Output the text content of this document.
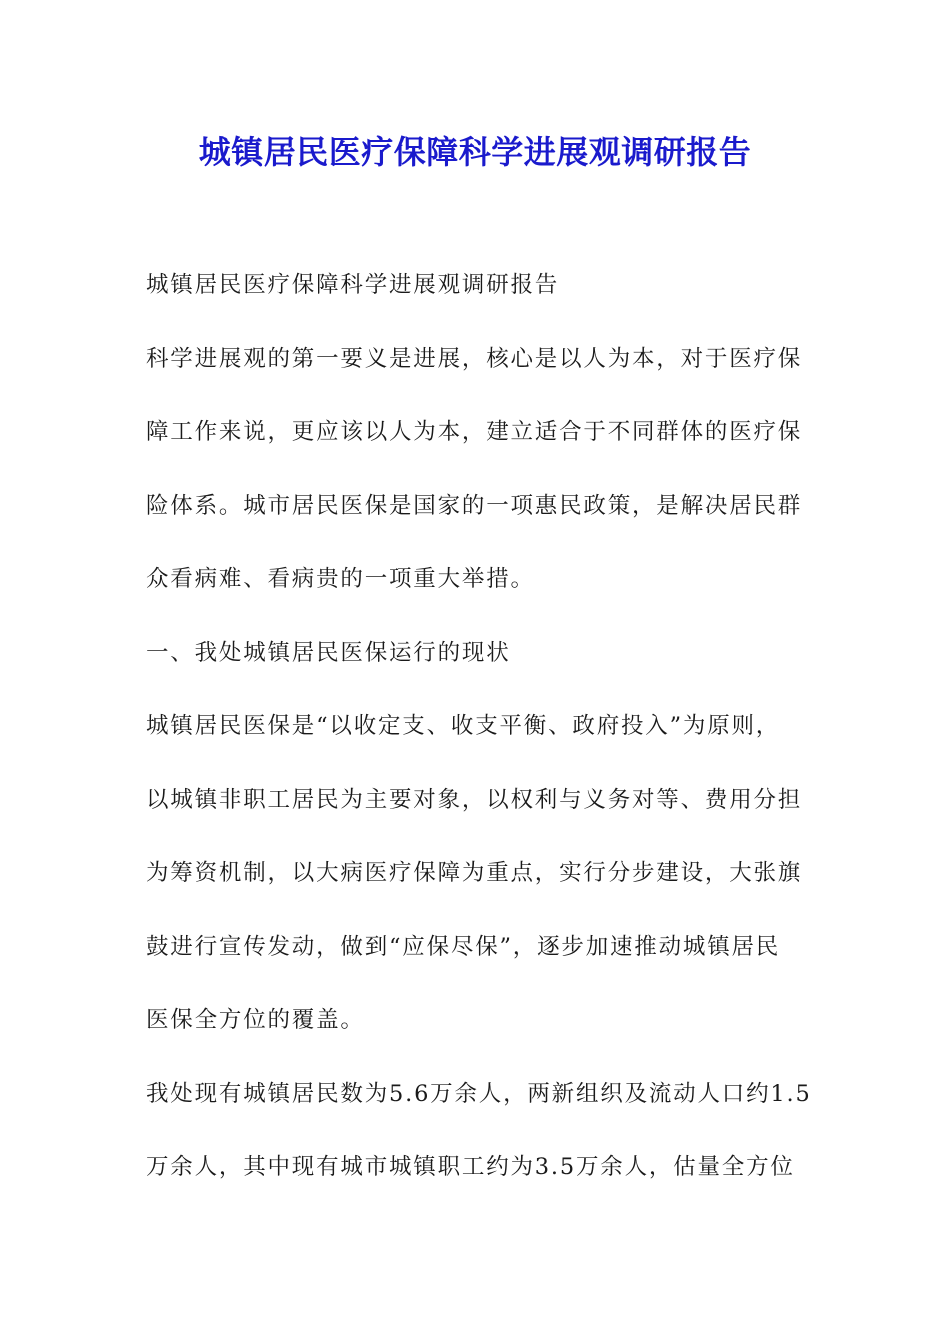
城镇居民医疗保障科学进展观调研报告
城镇居民医疗保障科学进展观调研报告
科学进展观的第一要义是进展，核心是以人为本，对于医疗保
障工作来说，更应该以人为本，建立适合于不同群体的医疗保
险体系。城市居民医保是国家的一项惠民政策，是解决居民群
众看病难、看病贵的一项重大举措。
一、我处城镇居民医保运行的现状
城镇居民医保是“以收定支、收支平衡、政府投入”为原则，
以城镇非职工居民为主要对象，以权利与义务对等、费用分担
为筹资机制，以大病医疗保障为重点，实行分步建设，大张旗
鼓进行宣传发动，做到“应保尽保”，逐步加速推动城镇居民
医保全方位的覆盖。
我处现有城镇居民数为5.6万余人，两新组织及流动人口约1.5
万余人，其中现有城市城镇职工约为3.5万余人，估量全方位
